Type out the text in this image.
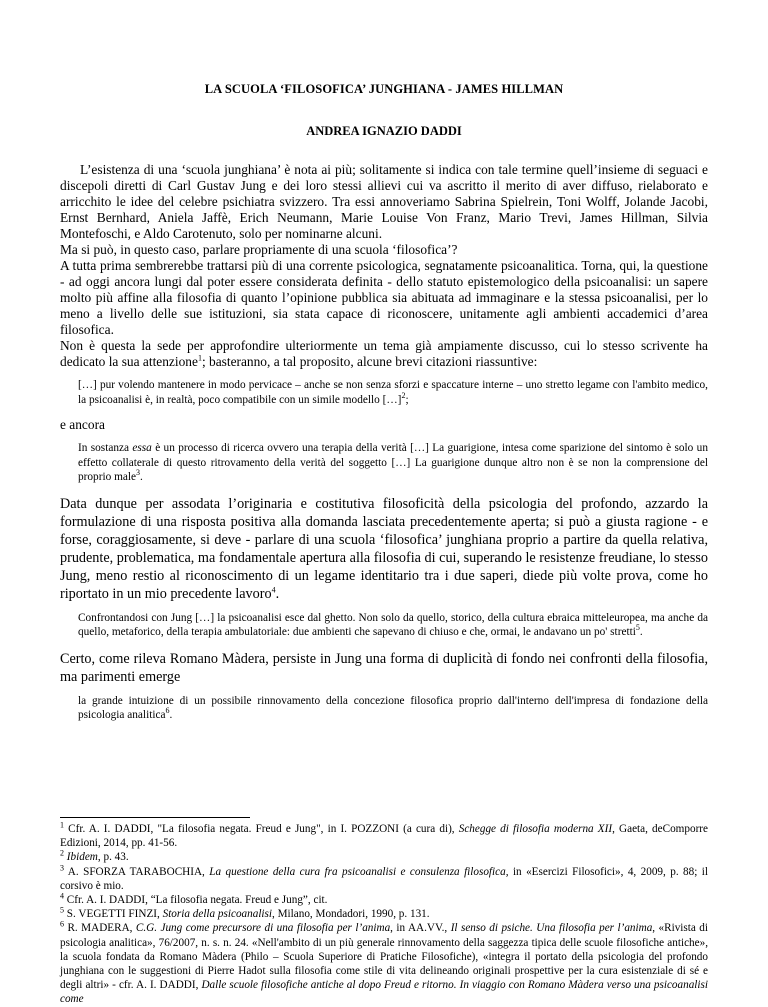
LA SCUOLA ‘FILOSOFICA’ JUNGHIANA - JAMES HILLMAN
ANDREA IGNAZIO DADDI

L’esistenza di una ‘scuola junghiana’ è nota ai più; solitamente si indica con tale termine quell’insieme di seguaci e discepoli diretti di Carl Gustav Jung e dei loro stessi allievi cui va ascritto il merito di aver diffuso, rielaborato e arricchito le idee del celebre psichiatra svizzero. Tra essi annoveriamo Sabrina Spielrein, Toni Wolff, Jolande Jacobi, Ernst Bernhard, Aniela Jaffè, Erich Neumann, Marie Louise Von Franz, Mario Trevi, James Hillman, Silvia Montefoschi, e Aldo Carotenuto, solo per nominarne alcuni.

Ma si può, in questo caso, parlare propriamente di una scuola ‘filosofica’?

A tutta prima sembrerebbe trattarsi più di una corrente psicologica, segnatamente psicoanalitica. Torna, qui, la questione - ad oggi ancora lungi dal poter essere considerata definita - dello statuto epistemologico della psicoanalisi: un sapere molto più affine alla filosofia di quanto l’opinione pubblica sia abituata ad immaginare e la stessa psicoanalisi, per lo meno a livello delle sue istituzioni, sia stata capace di riconoscere, unitamente agli ambienti accademici d’area filosofica.

Non è questa la sede per approfondire ulteriormente un tema già ampiamente discusso, cui lo stesso scrivente ha dedicato la sua attenzione$^1$; basteranno, a tal proposito, alcune brevi citazioni riassuntive:

[…] pur volendo mantenere in modo pervicace – anche se non senza sforzi e spaccature interne – uno stretto legame con l'ambito medico, la psicoanalisi è, in realtà, poco compatibile con un simile modello […]$^2$;

e ancora

In sostanza essa è un processo di ricerca ovvero una terapia della verità […] La guarigione, intesa come sparizione del sintomo è solo un effetto collaterale di questo ritrovamento della verità del soggetto […] La guarigione dunque altro non è se non la comprensione del proprio male$^3$.

Data dunque per assodata l’originaria e costitutiva filosoficità della psicologia del profondo, azzardo la formulazione di una risposta positiva alla domanda lasciata precedentemente aperta; si può a giusta ragione - e forse, coraggiosamente, si deve - parlare di una scuola ‘filosofica’ junghiana proprio a partire da quella relativa, prudente, problematica, ma fondamentale apertura alla filosofia di cui, superando le resistenze freudiane, lo stesso Jung, meno restio al riconoscimento di un legame identitario tra i due saperi, diede più volte prova, come ho riportato in un mio precedente lavoro$^4$.

Confrontandosi con Jung […] la psicoanalisi esce dal ghetto. Non solo da quello, storico, della cultura ebraica mitteleuropea, ma anche da quello, metaforico, della terapia ambulatoriale: due ambienti che sapevano di chiuso e che, ormai, le andavano un po' stretti$^5$.

Certo, come rileva Romano Màdera, persiste in Jung una forma di duplicità di fondo nei confronti della filosofia, ma parimenti emerge

la grande intuizione di un possibile rinnovamento della concezione filosofica proprio dall'interno dell'impresa di fondazione della psicologia analitica$^6$.

$^1$ Cfr. A. I. DADDI, "La filosofia negata. Freud e Jung", in I. POZZONI (a cura di), Schegge di filosofia moderna XII, Gaeta, deComporre Edizioni, 2014, pp. 41-56.

$^2$ Ibidem, p. 43.

$^3$ A. SFORZA TARABOCHIA, La questione della cura fra psicoanalisi e consulenza filosofica, in «Esercizi Filosofici», 4, 2009, p. 88; il corsivo è mio.

$^4$ Cfr. A. I. DADDI, “La filosofia negata. Freud e Jung”, cit.

$^5$ S. VEGETTI FINZI, Storia della psicoanalisi, Milano, Mondadori, 1990, p. 131.

$^6$ R. MADERA, C.G. Jung come precursore di una filosofia per l’anima, in AA.VV., Il senso di psiche. Una filosofia per l’anima, «Rivista di psicologia analitica», 76/2007, n. s. n. 24. «Nell'ambito di un più generale rinnovamento della saggezza tipica delle scuole filosofiche antiche», la scuola fondata da Romano Màdera (Philo – Scuola Superiore di Pratiche Filosofiche), «integra il portato della psicologia del profondo junghiana con le suggestioni di Pierre Hadot sulla filosofia come stile di vita delineando originali prospettive per la cura esistenziale di sé e degli altri» - cfr. A. I. DADDI, Dalle scuole filosofiche antiche al dopo Freud e ritorno. In viaggio con Romano Màdera verso una psicoanalisi come
